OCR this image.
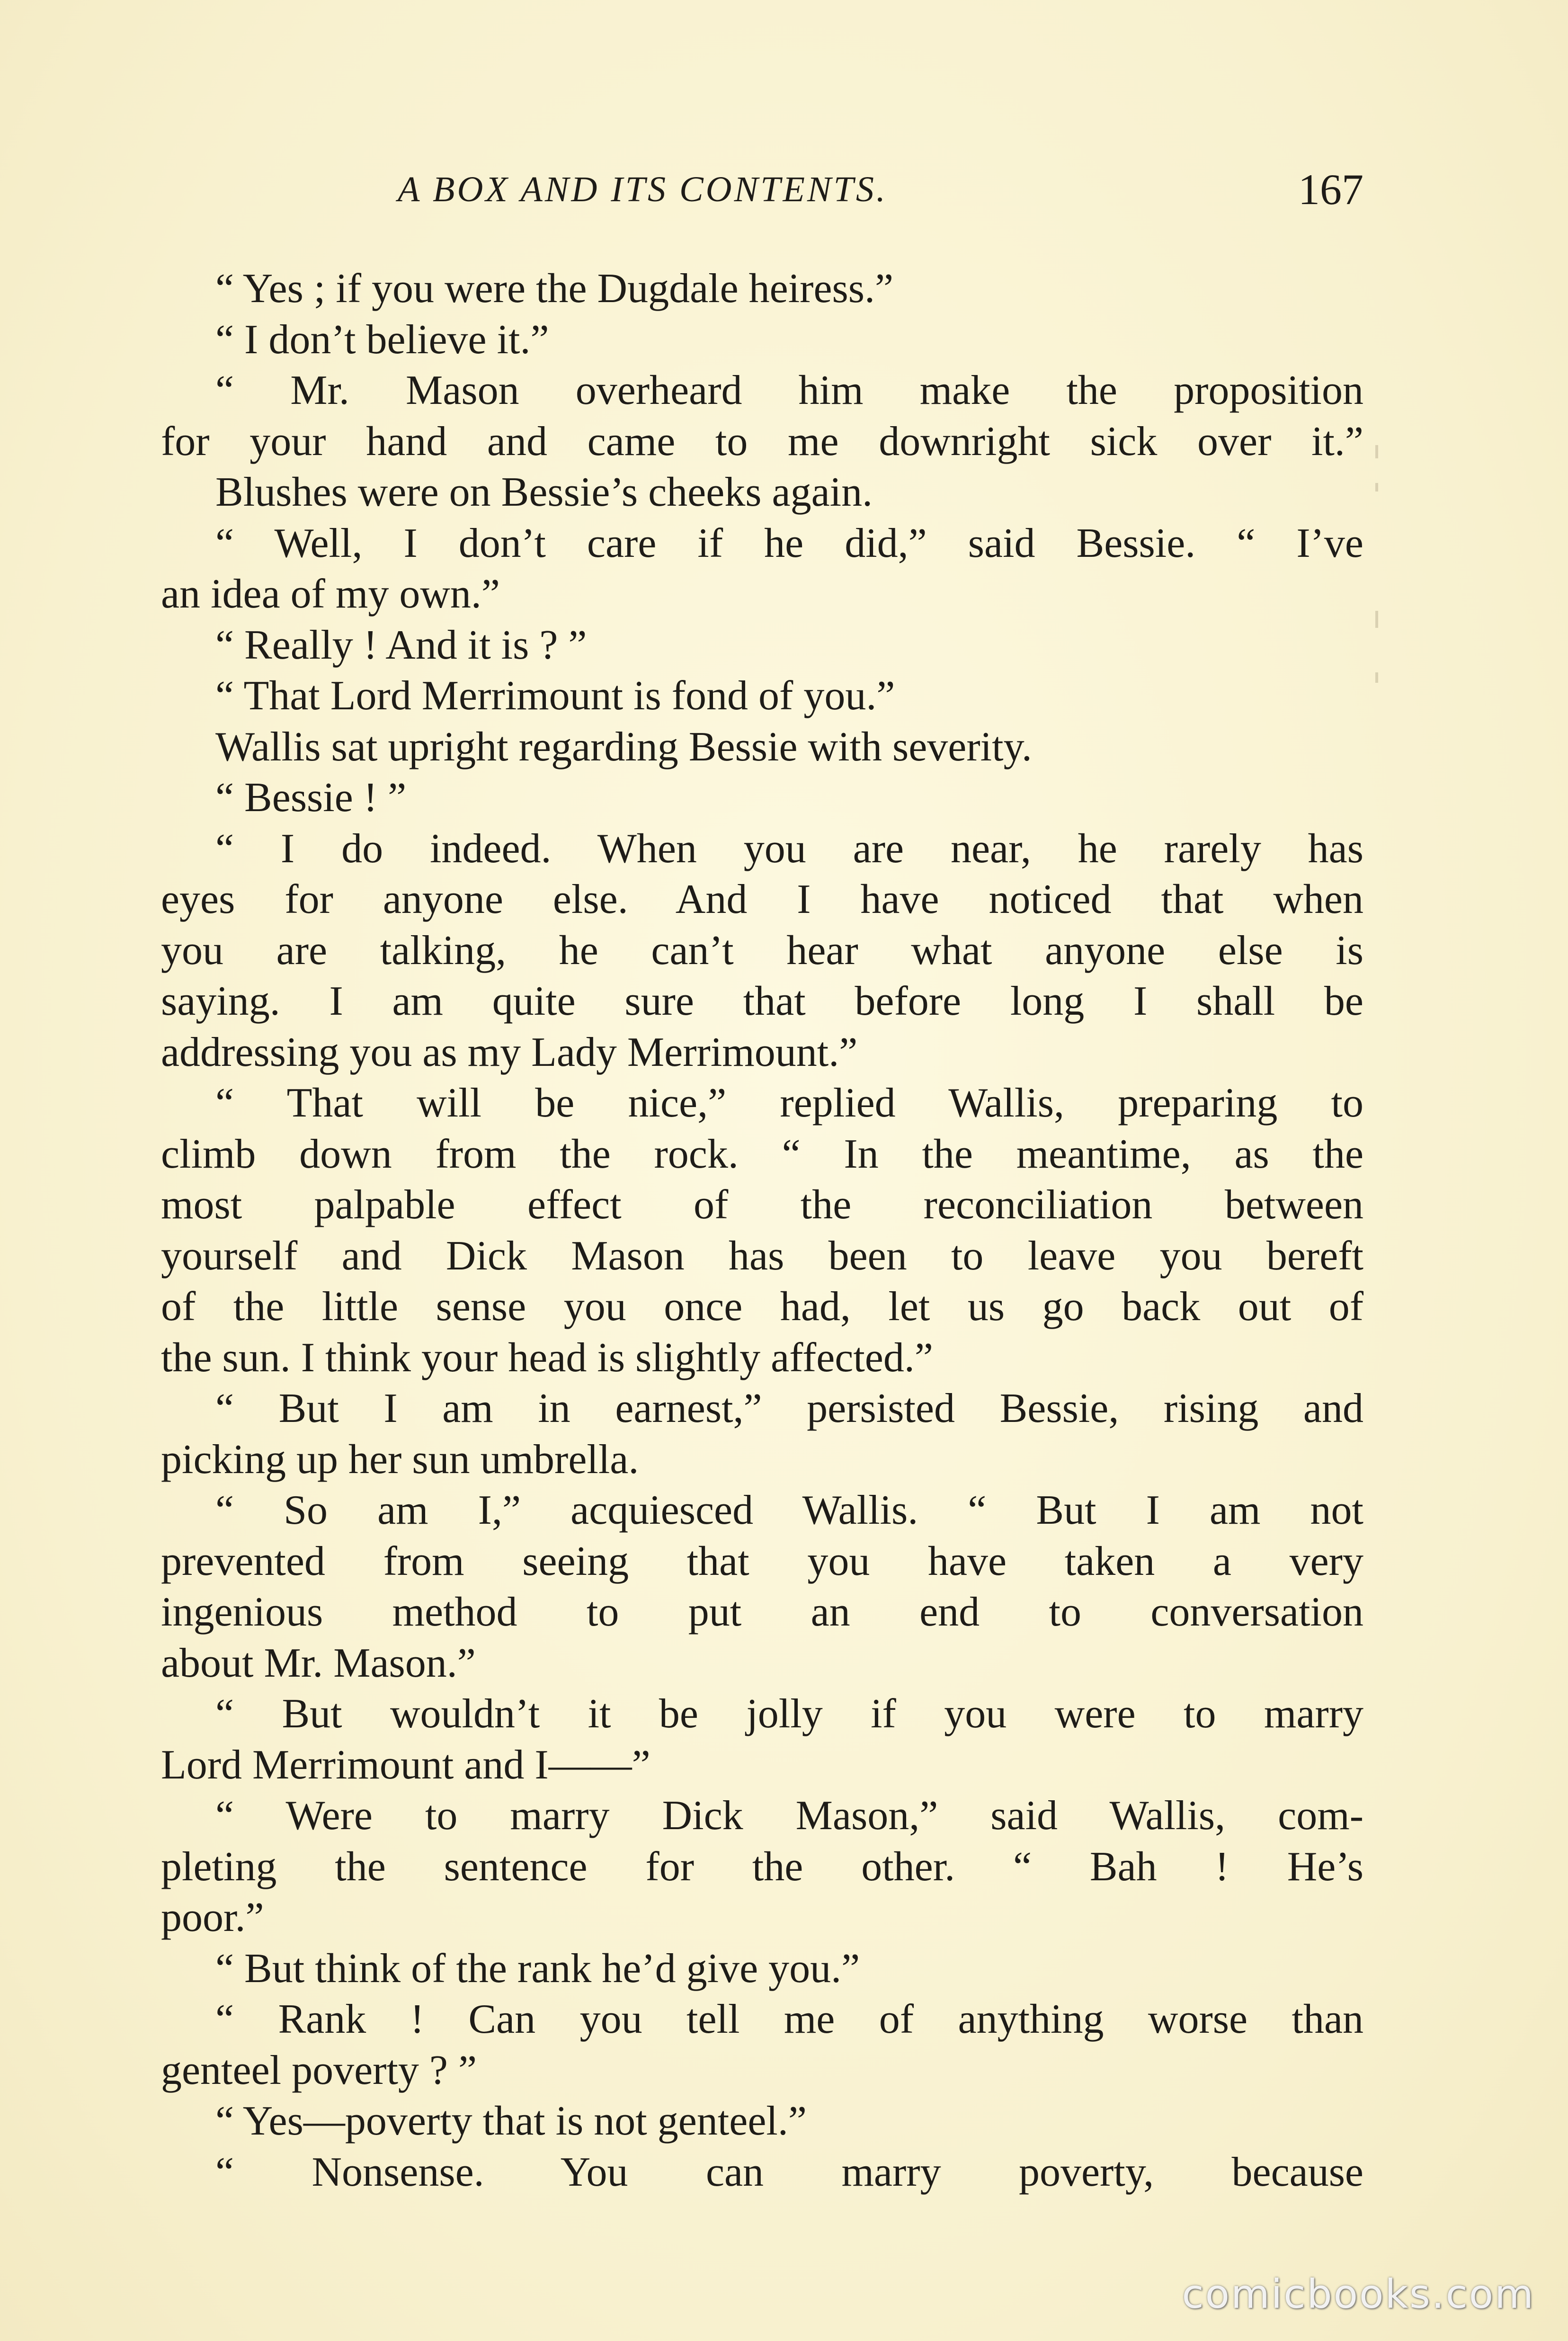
A BOX AND ITS CONTENTS.	167
“ Yes ; if you were the Dugdale heiress.”
“ I don’t believe it.”
“ Mr. Mason overheard him make the proposition
for your hand and came to me downright sick over it.”
Blushes were on Bessie’s cheeks again.
“ Well, I don’t care if he did,” said Bessie. “ I’ve
an idea of my own.”
“ Really ! And it is ? ”
“ That Lord Merrimount is fond of you.”
Wallis sat upright regarding Bessie with severity.
“ Bessie ! ”
“ I do indeed. When you are near, he rarely has
eyes for anyone else. And I have noticed that when
you are talking, he can’t hear what anyone else is
saying. I am quite sure that before long I shall be
addressing you as my Lady Merrimount.”
“ That will be nice,” replied Wallis, preparing to
climb down from the rock. “ In the meantime, as the
most palpable effect of the reconciliation between
yourself and Dick Mason has been to leave you bereft
of the little sense you once had, let us go back out of
the sun. I think your head is slightly affected.”
“ But I am in earnest,” persisted Bessie, rising and
picking up her sun umbrella.
“ So am I,” acquiesced Wallis. “ But I am not
prevented from seeing that you have taken a very
ingenious method to put an end to conversation
about Mr. Mason.”
“ But wouldn’t it be jolly if you were to marry
Lord Merrimount and I——”
“ Were to marry Dick Mason,” said Wallis, com-
pleting the sentence for the other. “ Bah ! He’s
poor.”
“ But think of the rank he’d give you.”
“ Rank ! Can you tell me of anything worse than
genteel poverty ? ”
“ Yes—poverty that is not genteel.”
“ Nonsense. You can marry poverty, because
comicbooks.com
